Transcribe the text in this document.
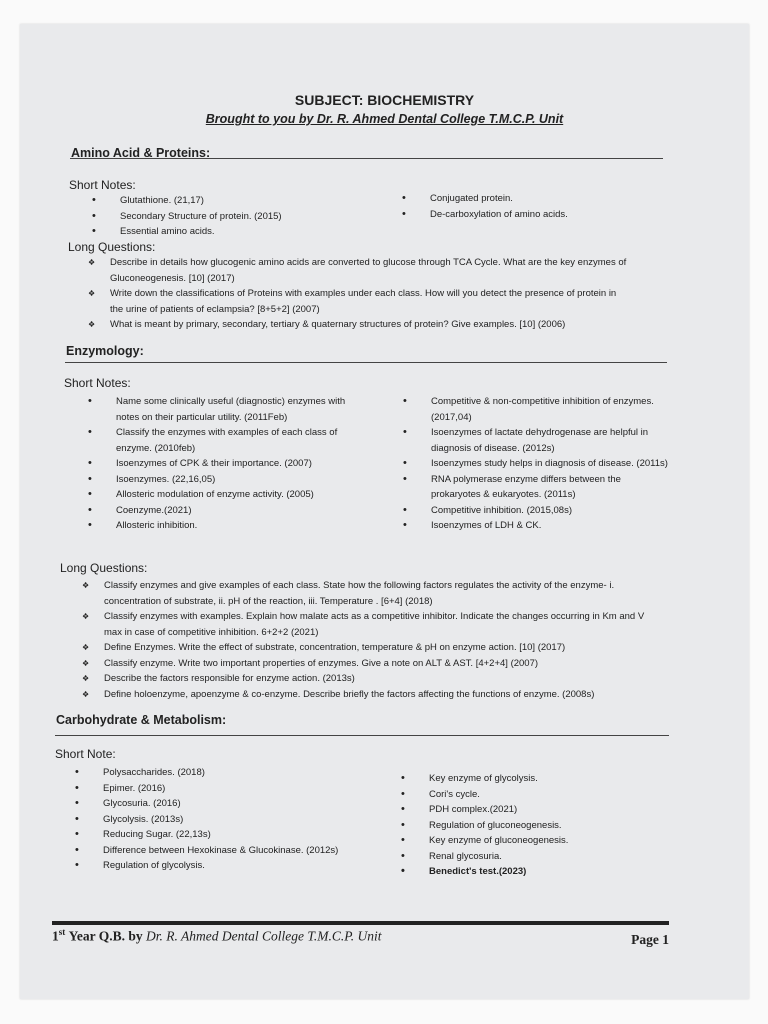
SUBJECT: BIOCHEMISTRY
Brought to you by Dr. R. Ahmed Dental College T.M.C.P. Unit
Amino Acid & Proteins:
Short Notes:
• Glutathione. (21,17)
• Secondary Structure of protein. (2015)
• Essential amino acids.
• Conjugated protein.
• De-carboxylation of amino acids.
Long Questions:
❖ Describe in details how glucogenic amino acids are converted to glucose through TCA Cycle. What are the key enzymes of Gluconeogenesis. [10] (2017)
❖ Write down the classifications of Proteins with examples under each class. How will you detect the presence of protein in the urine of patients of eclampsia? [8+5+2] (2007)
❖ What is meant by primary, secondary, tertiary & quaternary structures of protein? Give examples. [10] (2006)
Enzymology:
Short Notes:
• Name some clinically useful (diagnostic) enzymes with notes on their particular utility. (2011Feb)
• Classify the enzymes with examples of each class of enzyme. (2010feb)
• Isoenzymes of CPK & their importance. (2007)
• Isoenzymes. (22,16,05)
• Allosteric modulation of enzyme activity. (2005)
• Coenzyme.(2021)
• Allosteric inhibition.
• Competitive & non-competitive inhibition of enzymes. (2017,04)
• Isoenzymes of lactate dehydrogenase are helpful in diagnosis of disease. (2012s)
• Isoenzymes study helps in diagnosis of disease. (2011s)
• RNA polymerase enzyme differs between the prokaryotes & eukaryotes. (2011s)
• Competitive inhibition. (2015,08s)
• Isoenzymes of LDH & CK.
Long Questions:
❖ Classify enzymes and give examples of each class. State how the following factors regulates the activity of the enzyme- i. concentration of substrate, ii. pH of the reaction, iii. Temperature . [6+4] (2018)
❖ Classify enzymes with examples. Explain how malate acts as a competitive inhibitor. Indicate the changes occurring in Km and V max in case of competitive inhibition. 6+2+2 (2021)
❖ Define Enzymes. Write the effect of substrate, concentration, temperature & pH on enzyme action. [10] (2017)
❖ Classify enzyme. Write two important properties of enzymes. Give a note on ALT & AST. [4+2+4] (2007)
❖ Describe the factors responsible for enzyme action. (2013s)
❖ Define holoenzyme, apoenzyme & co-enzyme. Describe briefly the factors affecting the functions of enzyme. (2008s)
Carbohydrate & Metabolism:
Short Note:
• Polysaccharides. (2018)
• Epimer. (2016)
• Glycosuria. (2016)
• Glycolysis. (2013s)
• Reducing Sugar. (22,13s)
• Difference between Hexokinase & Glucokinase. (2012s)
• Regulation of glycolysis.
• Key enzyme of glycolysis.
• Cori's cycle.
• PDH complex.(2021)
• Regulation of gluconeogenesis.
• Key enzyme of gluconeogenesis.
• Renal glycosuria.
• Benedict's test.(2023)
1st Year Q.B. by Dr. R. Ahmed Dental College T.M.C.P. Unit	Page 1
